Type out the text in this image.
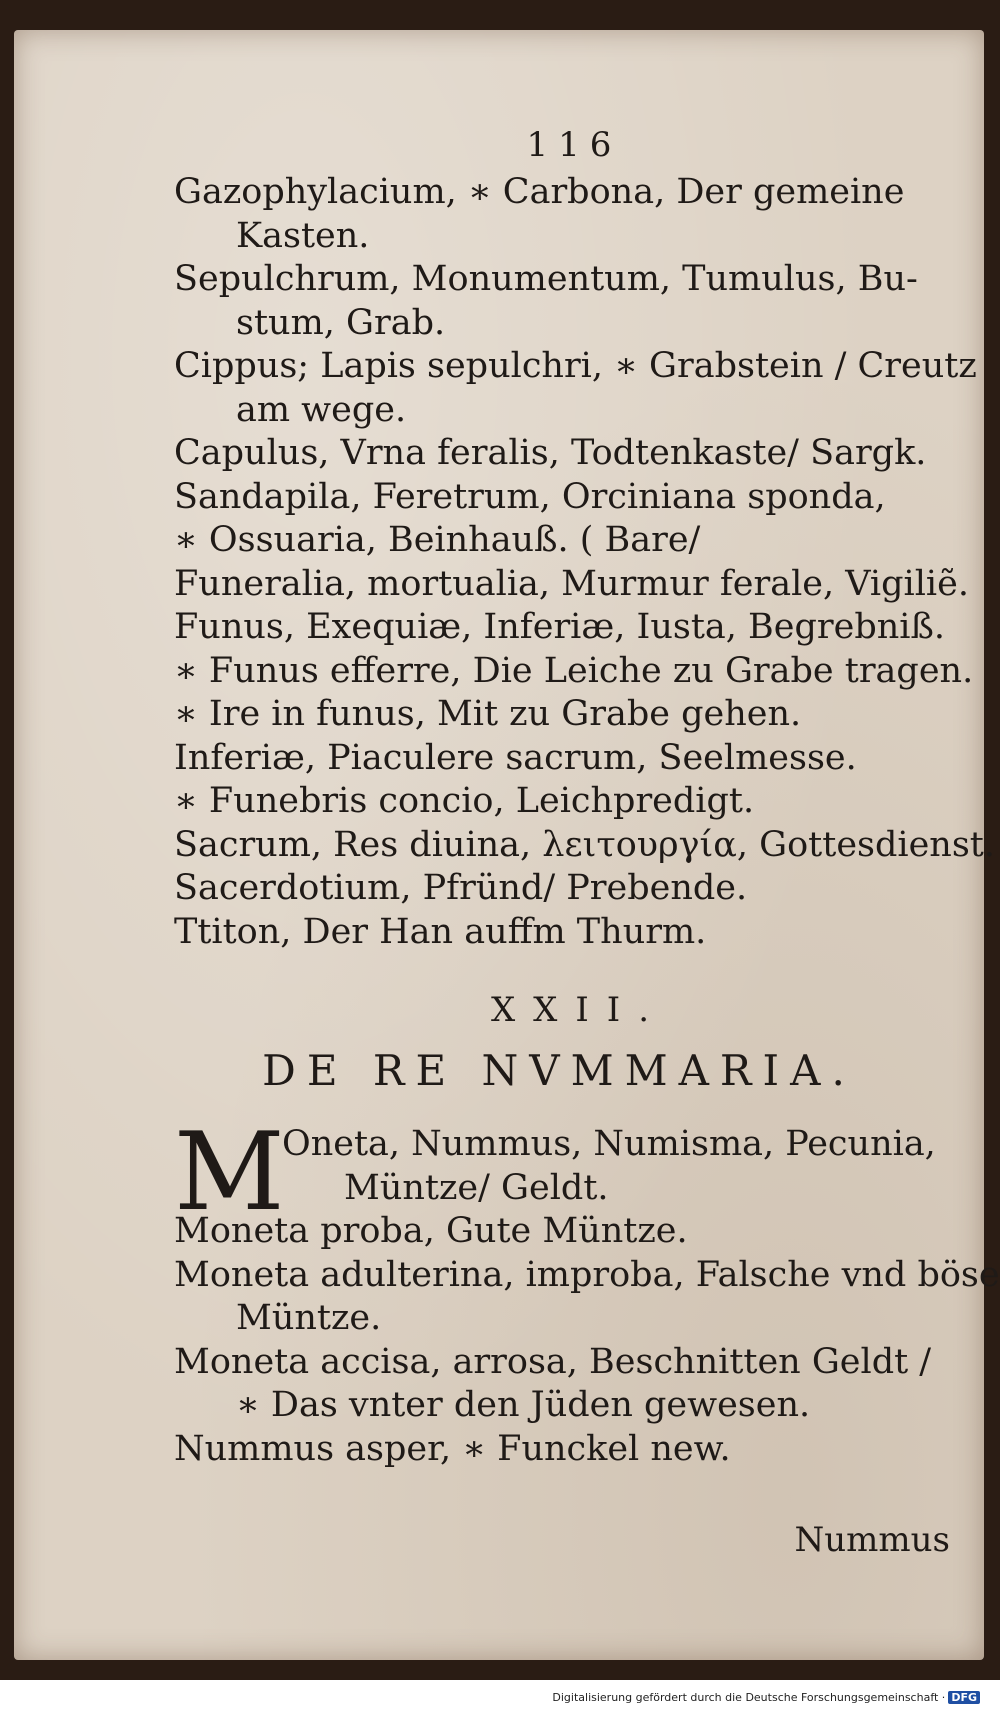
116
Gazophylacium, ∗ Carbona, Der gemeine
Kasten.
Sepulchrum, Monumentum, Tumulus, Bu-
stum, Grab.
Cippus; Lapis sepulchri, ∗ Grabstein / Creutz
am wege.
Capulus, Vrna feralis, Todtenkaste/ Sargk.
Sandapila, Feretrum, Orciniana sponda,
∗ Ossuaria, Beinhauß. ( Bare/
Funeralia, mortualia, Murmur ferale, Vigiliẽ.
Funus, Exequiæ, Inferiæ, Iusta, Begrebniß.
∗ Funus efferre, Die Leiche zu Grabe tragen.
∗ Ire in funus, Mit zu Grabe gehen.
Inferiæ, Piaculere sacrum, Seelmesse.
∗ Funebris concio, Leichpredigt.
Sacrum, Res diuina, λειτουργία, Gottesdienst.
Sacerdotium, Pfründ/ Prebende.
Ttiton, Der Han auffm Thurm.
XXII.
DE RE NVMMARIA.
M
Oneta, Nummus, Numisma, Pecunia,
Müntze/ Geldt.
Moneta proba, Gute Müntze.
Moneta adulterina, improba, Falsche vnd böse
Müntze.
Moneta accisa, arrosa, Beschnitten Geldt /
∗ Das vnter den Jüden gewesen.
Nummus asper, ∗ Funckel new.
Nummus
Digitalisierung gefördert durch die Deutsche Forschungsgemeinschaft · DFG
